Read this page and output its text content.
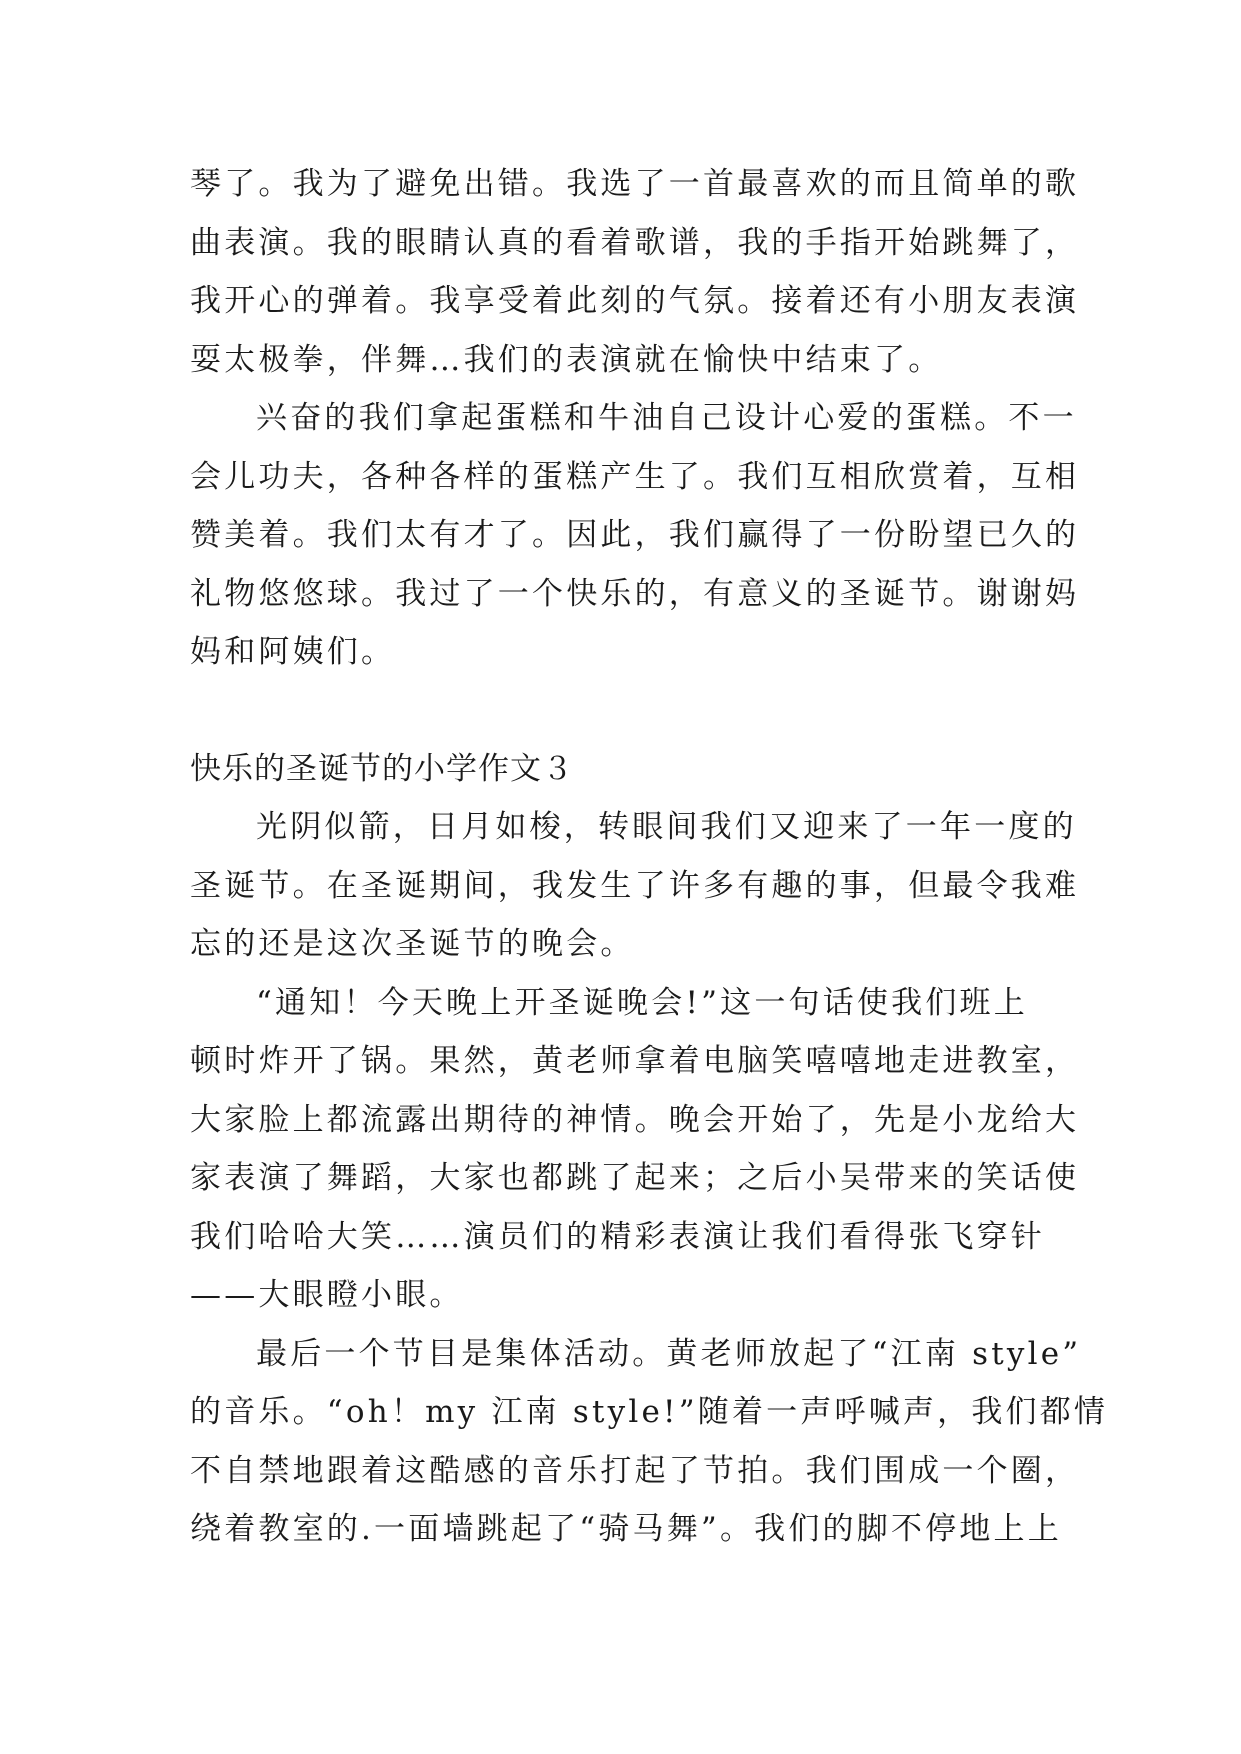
琴了。我为了避免出错。我选了一首最喜欢的而且简单的歌
曲表演。我的眼睛认真的看着歌谱，我的手指开始跳舞了，
我开心的弹着。我享受着此刻的气氛。接着还有小朋友表演
耍太极拳，伴舞…我们的表演就在愉快中结束了。
兴奋的我们拿起蛋糕和牛油自己设计心爱的蛋糕。不一
会儿功夫，各种各样的蛋糕产生了。我们互相欣赏着，互相
赞美着。我们太有才了。因此，我们赢得了一份盼望已久的
礼物悠悠球。我过了一个快乐的，有意义的圣诞节。谢谢妈
妈和阿姨们。
快乐的圣诞节的小学作文３
光阴似箭，日月如梭，转眼间我们又迎来了一年一度的
圣诞节。在圣诞期间，我发生了许多有趣的事，但最令我难
忘的还是这次圣诞节的晚会。
“通知！今天晚上开圣诞晚会!”这一句话使我们班上
顿时炸开了锅。果然，黄老师拿着电脑笑嘻嘻地走进教室，
大家脸上都流露出期待的神情。晚会开始了，先是小龙给大
家表演了舞蹈，大家也都跳了起来；之后小吴带来的笑话使
我们哈哈大笑……演员们的精彩表演让我们看得张飞穿针
——大眼瞪小眼。
最后一个节目是集体活动。黄老师放起了“江南 style”
的音乐。“oh！my 江南 style!”随着一声呼喊声，我们都情
不自禁地跟着这酷感的音乐打起了节拍。我们围成一个圈，
绕着教室的.一面墙跳起了“骑马舞”。我们的脚不停地上上
